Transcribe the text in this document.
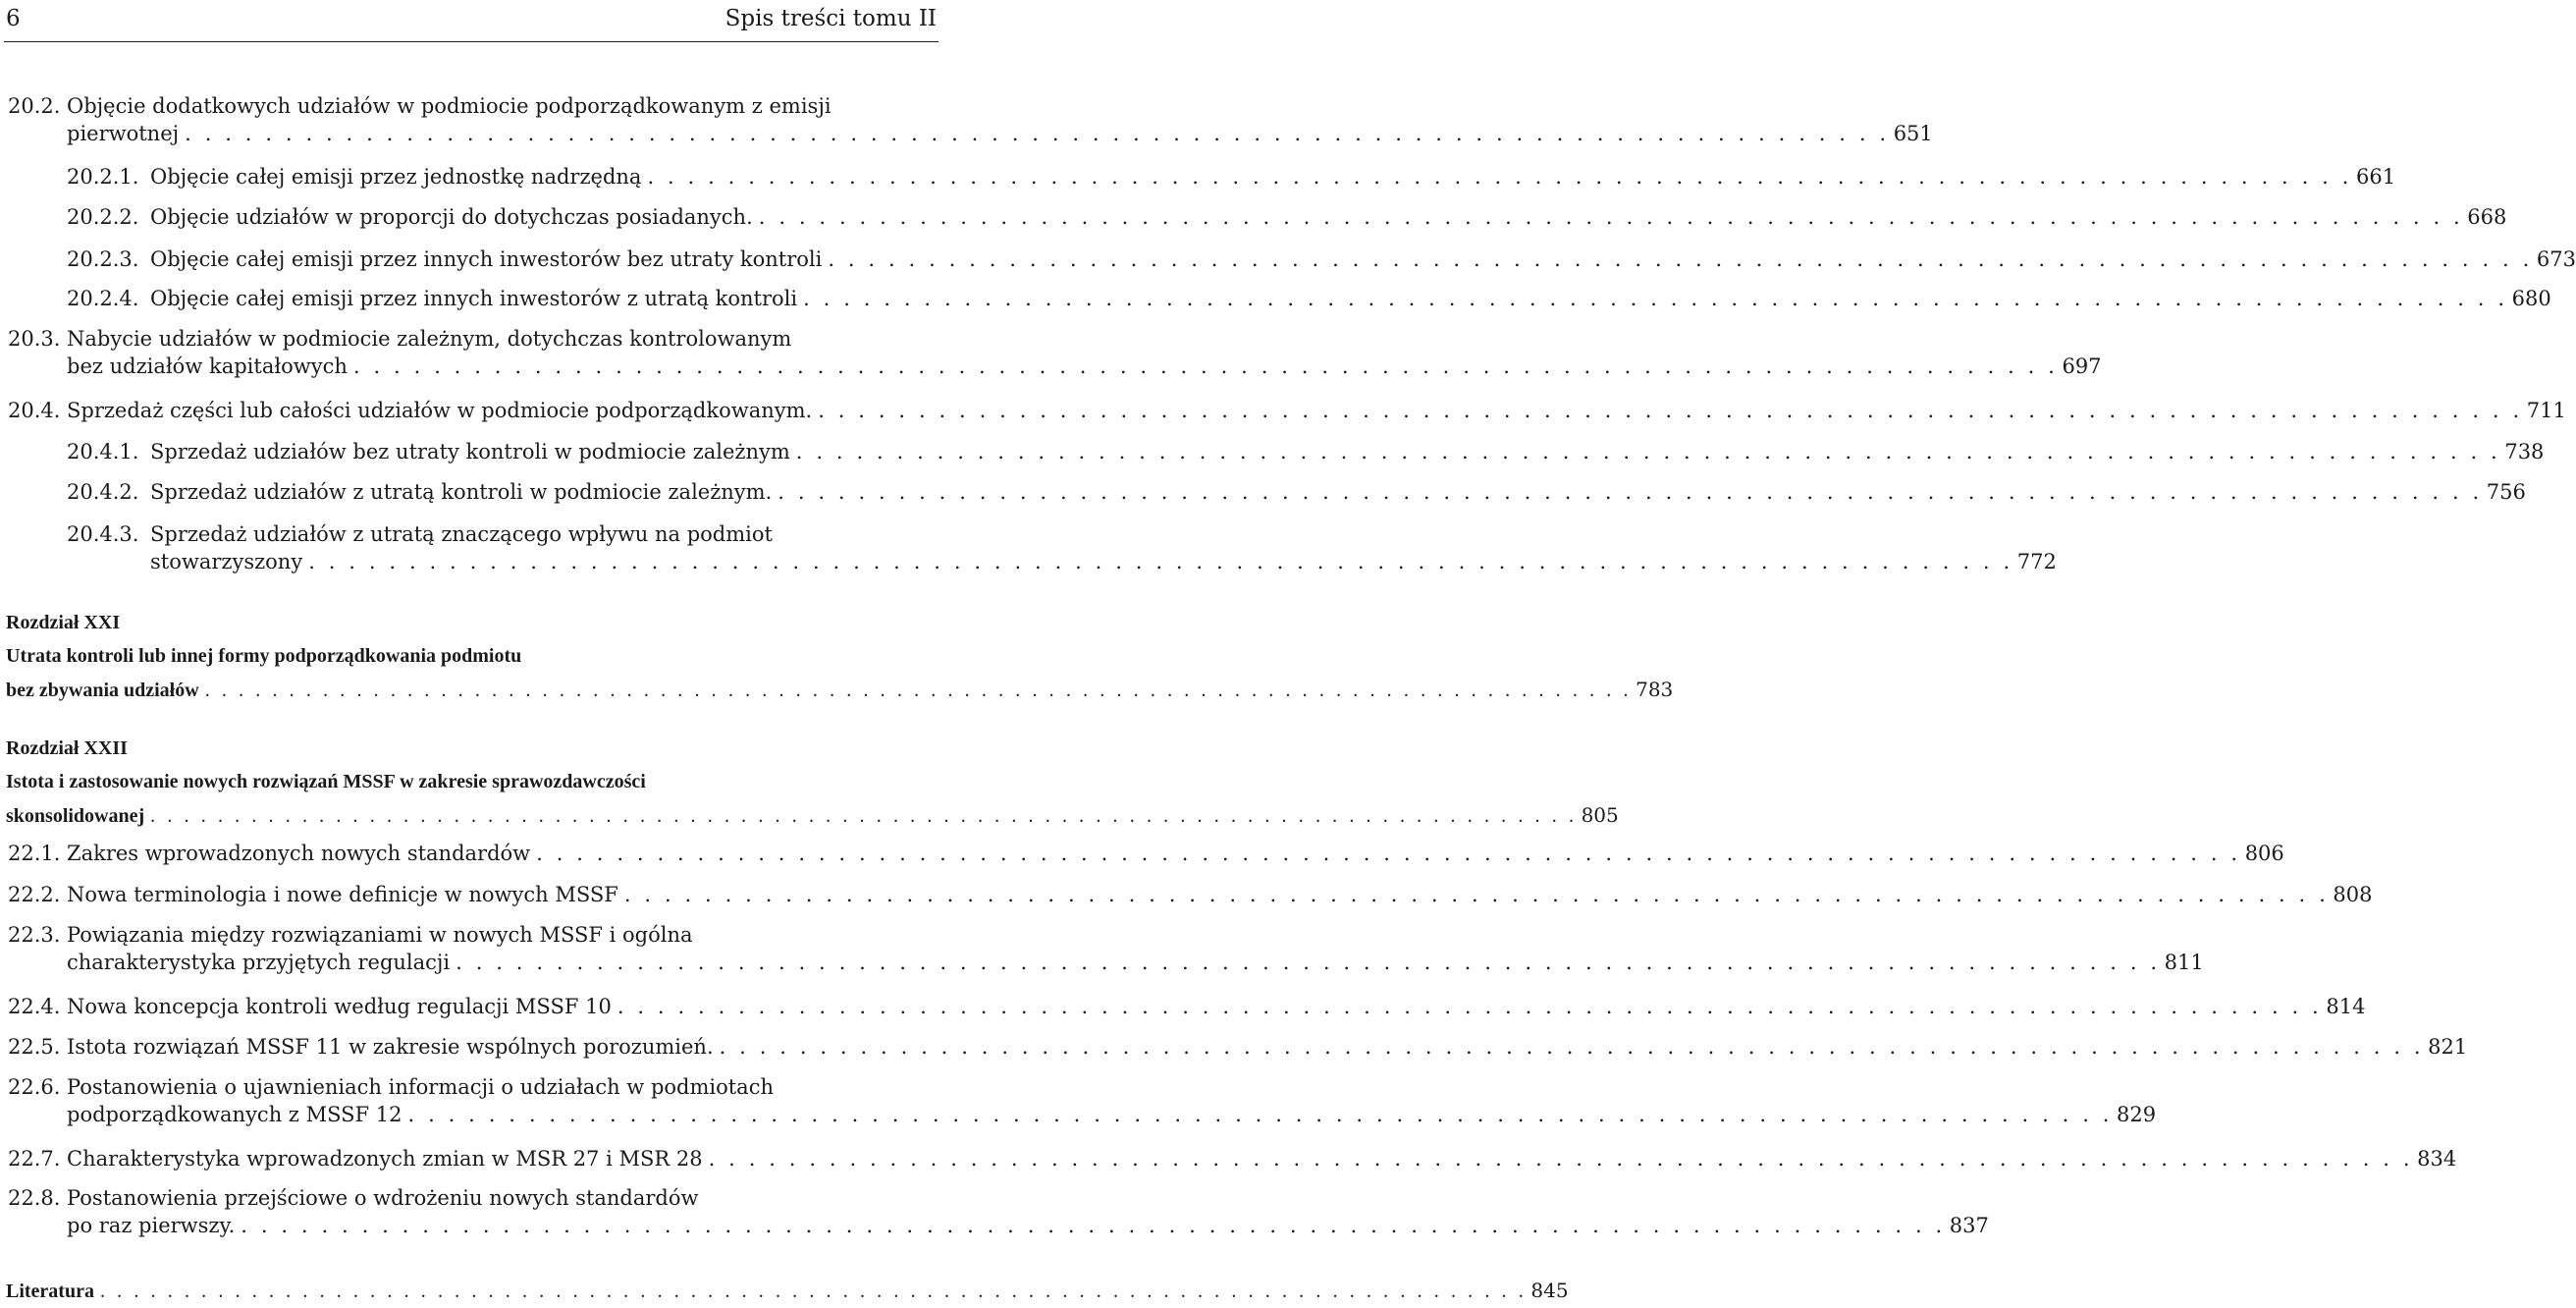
6	Spis treści tomu II
20.2. Objęcie dodatkowych udziałów w podmiocie podporządkowanym z emisji
pierwotnej . . . . . . . . . . . . . . . . . . . . . . . . . . . . . . . . . . . . . . . . . . . . . . . . . . . . . . . . . . . . . . . . . . . . . . . . . . . . . . . . . . . . . 651
20.2.1. Objęcie całej emisji przez jednostkę nadrzędną . . . . . . . . . . . . . . . . . . . . . . . . . . . . . . . . . . . . . . . . . . . . . . . . . . . . . . . . . . . . . . . . . . . . . . . . . . . . . . . . . . . . . 661
20.2.2. Objęcie udziałów w proporcji do dotychczas posiadanych. . . . . . . . . . . . . . . . . . . . . . . . . . . . . . . . . . . . . . . . . . . . . . . . . . . . . . . . . . . . . . . . . . . . . . . . . . . . . . . . . . . . . . 668
20.2.3. Objęcie całej emisji przez innych inwestorów bez utraty kontroli . . . . . . . . . . . . . . . . . . . . . . . . . . . . . . . . . . . . . . . . . . . . . . . . . . . . . . . . . . . . . . . . . . . . . . . . . . . . . . . . . . . . . 673
20.2.4. Objęcie całej emisji przez innych inwestorów z utratą kontroli . . . . . . . . . . . . . . . . . . . . . . . . . . . . . . . . . . . . . . . . . . . . . . . . . . . . . . . . . . . . . . . . . . . . . . . . . . . . . . . . . . . . . 680
20.3. Nabycie udziałów w podmiocie zależnym, dotychczas kontrolowanym
bez udziałów kapitałowych . . . . . . . . . . . . . . . . . . . . . . . . . . . . . . . . . . . . . . . . . . . . . . . . . . . . . . . . . . . . . . . . . . . . . . . . . . . . . . . . . . . . . 697
20.4. Sprzedaż części lub całości udziałów w podmiocie podporządkowanym. . . . . . . . . . . . . . . . . . . . . . . . . . . . . . . . . . . . . . . . . . . . . . . . . . . . . . . . . . . . . . . . . . . . . . . . . . . . . . . . . . . . . . 711
20.4.1. Sprzedaż udziałów bez utraty kontroli w podmiocie zależnym . . . . . . . . . . . . . . . . . . . . . . . . . . . . . . . . . . . . . . . . . . . . . . . . . . . . . . . . . . . . . . . . . . . . . . . . . . . . . . . . . . . . . 738
20.4.2. Sprzedaż udziałów z utratą kontroli w podmiocie zależnym. . . . . . . . . . . . . . . . . . . . . . . . . . . . . . . . . . . . . . . . . . . . . . . . . . . . . . . . . . . . . . . . . . . . . . . . . . . . . . . . . . . . . . 756
20.4.3. Sprzedaż udziałów z utratą znaczącego wpływu na podmiot
stowarzyszony . . . . . . . . . . . . . . . . . . . . . . . . . . . . . . . . . . . . . . . . . . . . . . . . . . . . . . . . . . . . . . . . . . . . . . . . . . . . . . . . . . . . . 772
Rozdział XXI
Utrata kontroli lub innej formy podporządkowania podmiotu
bez zbywania udziałów . . . . . . . . . . . . . . . . . . . . . . . . . . . . . . . . . . . . . . . . . . . . . . . . . . . . . . . . . . . . . . . . . . . . . . . . . . . . . . . . . . . . . 783
Rozdział XXII
Istota i zastosowanie nowych rozwiązań MSSF w zakresie sprawozdawczości
skonsolidowanej . . . . . . . . . . . . . . . . . . . . . . . . . . . . . . . . . . . . . . . . . . . . . . . . . . . . . . . . . . . . . . . . . . . . . . . . . . . . . . . . . . . . . 805
22.1. Zakres wprowadzonych nowych standardów . . . . . . . . . . . . . . . . . . . . . . . . . . . . . . . . . . . . . . . . . . . . . . . . . . . . . . . . . . . . . . . . . . . . . . . . . . . . . . . . . . . . . 806
22.2. Nowa terminologia i nowe definicje w nowych MSSF . . . . . . . . . . . . . . . . . . . . . . . . . . . . . . . . . . . . . . . . . . . . . . . . . . . . . . . . . . . . . . . . . . . . . . . . . . . . . . . . . . . . . 808
22.3. Powiązania między rozwiązaniami w nowych MSSF i ogólna
charakterystyka przyjętych regulacji . . . . . . . . . . . . . . . . . . . . . . . . . . . . . . . . . . . . . . . . . . . . . . . . . . . . . . . . . . . . . . . . . . . . . . . . . . . . . . . . . . . . . 811
22.4. Nowa koncepcja kontroli według regulacji MSSF 10 . . . . . . . . . . . . . . . . . . . . . . . . . . . . . . . . . . . . . . . . . . . . . . . . . . . . . . . . . . . . . . . . . . . . . . . . . . . . . . . . . . . . . 814
22.5. Istota rozwiązań MSSF 11 w zakresie wspólnych porozumień. . . . . . . . . . . . . . . . . . . . . . . . . . . . . . . . . . . . . . . . . . . . . . . . . . . . . . . . . . . . . . . . . . . . . . . . . . . . . . . . . . . . . . 821
22.6. Postanowienia o ujawnieniach informacji o udziałach w podmiotach
podporządkowanych z MSSF 12 . . . . . . . . . . . . . . . . . . . . . . . . . . . . . . . . . . . . . . . . . . . . . . . . . . . . . . . . . . . . . . . . . . . . . . . . . . . . . . . . . . . . . 829
22.7. Charakterystyka wprowadzonych zmian w MSR 27 i MSR 28 . . . . . . . . . . . . . . . . . . . . . . . . . . . . . . . . . . . . . . . . . . . . . . . . . . . . . . . . . . . . . . . . . . . . . . . . . . . . . . . . . . . . . 834
22.8. Postanowienia przejściowe o wdrożeniu nowych standardów
po raz pierwszy. . . . . . . . . . . . . . . . . . . . . . . . . . . . . . . . . . . . . . . . . . . . . . . . . . . . . . . . . . . . . . . . . . . . . . . . . . . . . . . . . . . . . . 837
Literatura . . . . . . . . . . . . . . . . . . . . . . . . . . . . . . . . . . . . . . . . . . . . . . . . . . . . . . . . . . . . . . . . . . . . . . . . . . . . . . . . . . . . . 845
